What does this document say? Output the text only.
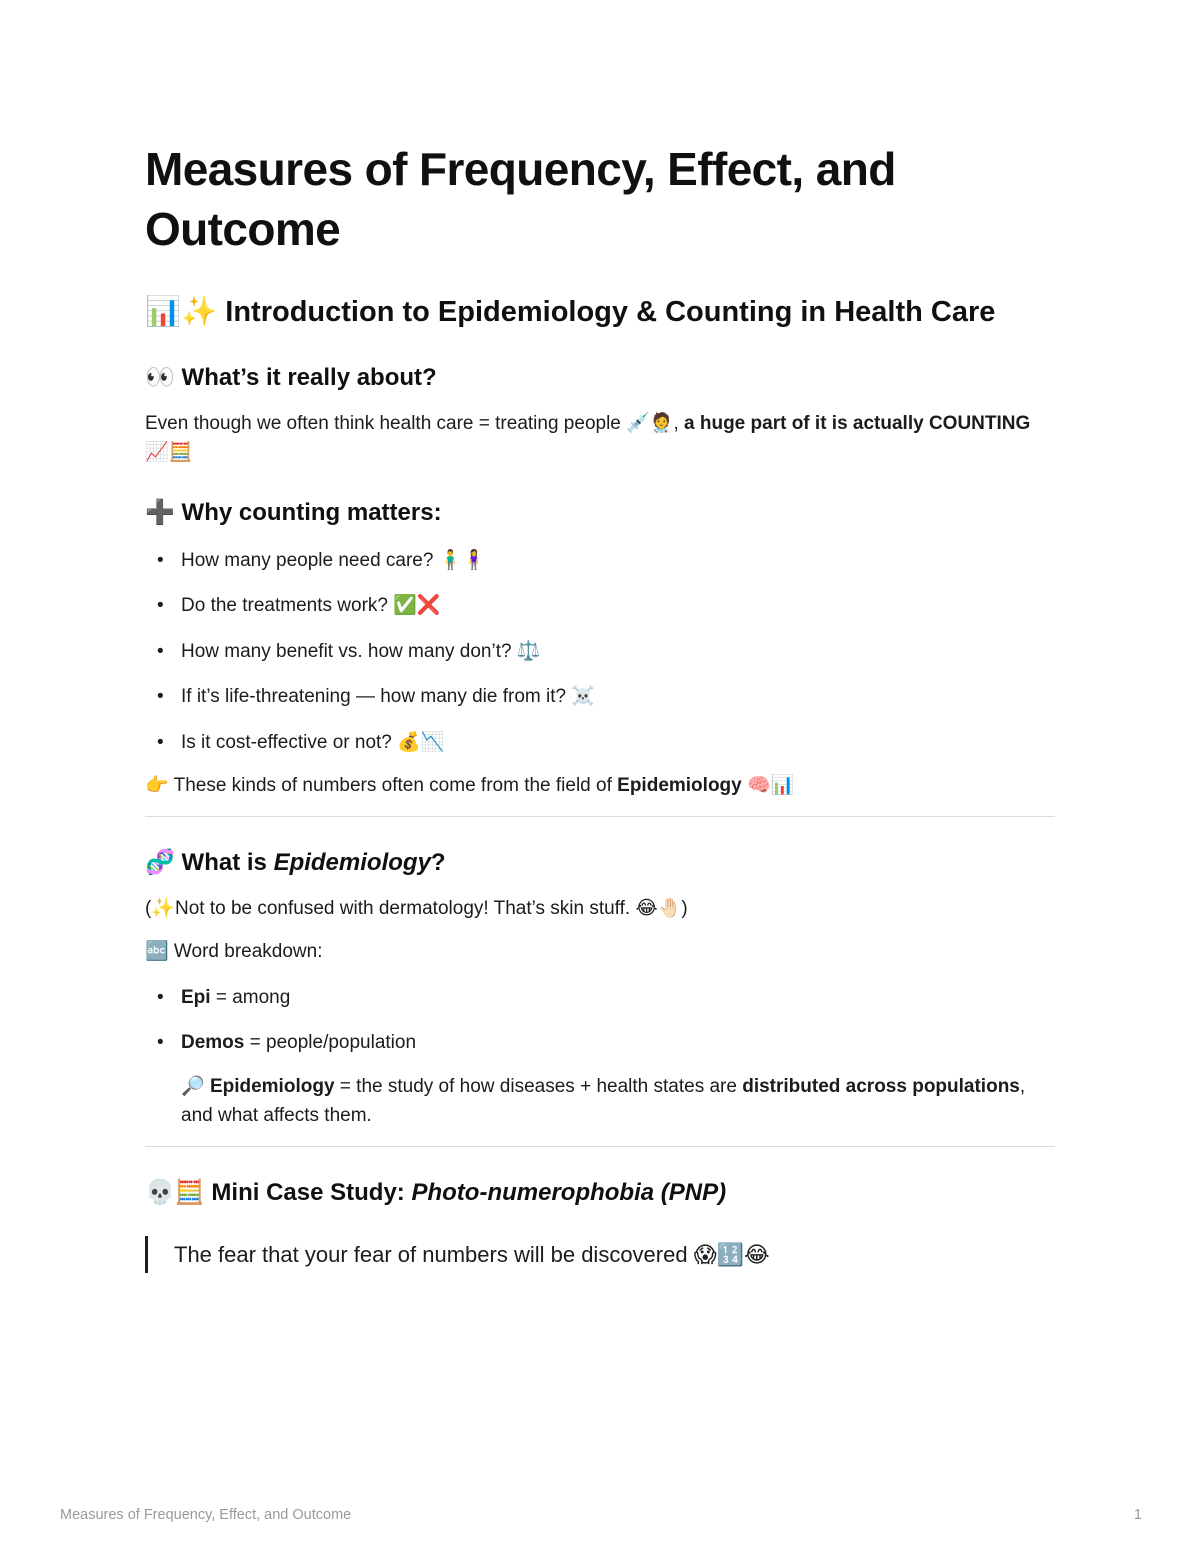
Measures of Frequency, Effect, and Outcome
📊✨ Introduction to Epidemiology & Counting in Health Care
👀 What’s it really about?

Even though we often think health care = treating people 💉🧑‍⚕️, a huge part of it is actually COUNTING 📈🧮

➕ Why counting matters:
• How many people need care? 🧍‍♂️🧍‍♀️
• Do the treatments work? ✅❌
• How many benefit vs. how many don’t? ⚖️
• If it’s life-threatening — how many die from it? ☠️
• Is it cost-effective or not? 💰📉

👉 These kinds of numbers often come from the field of Epidemiology 🧠📊

🧬 What is Epidemiology?

(✨Not to be confused with dermatology! That’s skin stuff. 😂🤚🏻)

🔤 Word breakdown:

• Epi = among
• Demos = people/population

🔎 Epidemiology = the study of how diseases + health states are distributed across populations, and what affects them.

💀🧮 Mini Case Study: Photo-numerophobia (PNP)
The fear that your fear of numbers will be discovered 😱🔢😂
Measures of Frequency, Effect, and Outcome	1
